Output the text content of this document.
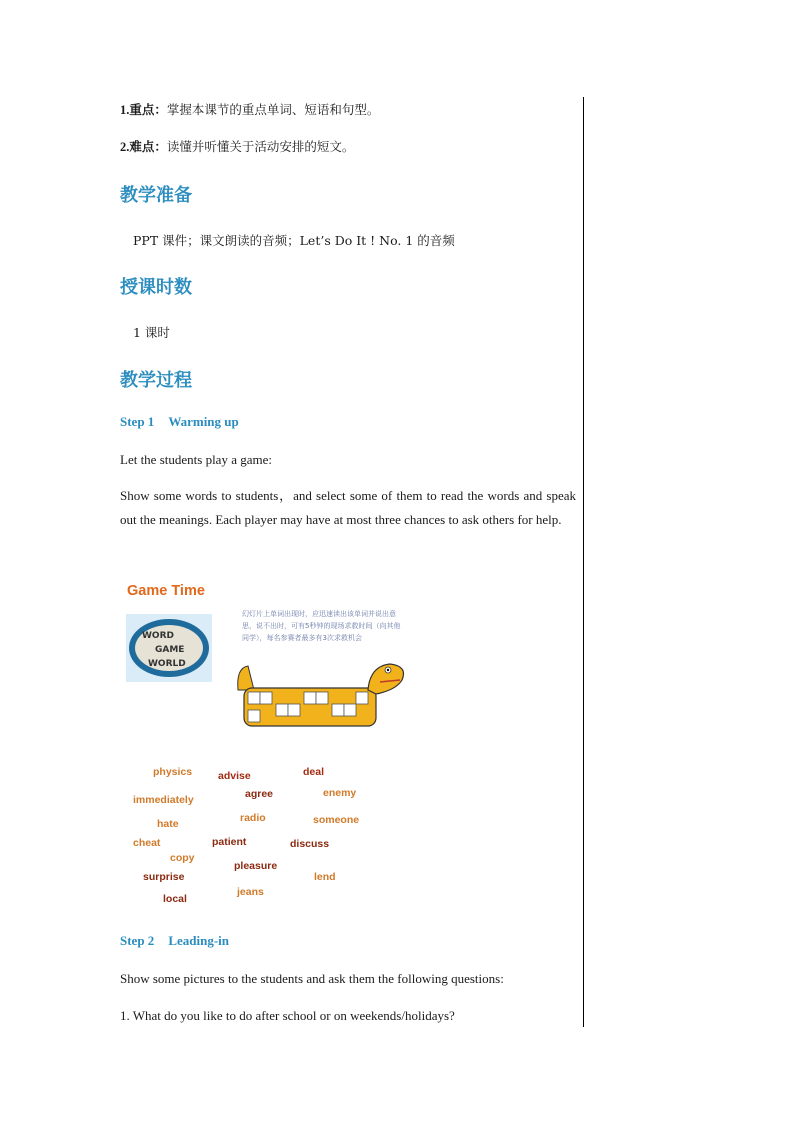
1.重点：掌握本课节的重点单词、短语和句型。
2.难点：读懂并听懂关于活动安排的短文。
教学准备
PPT 课件；课文朗读的音频；Let’s Do It ! No. 1 的音频
授课时数
1 课时
教学过程
Step 1 Warming up
Let the students play a game:
Show some words to students，and select some of them to read the words and speak out the meanings. Each player may have at most three chances to ask others for help.
Game Time
幻灯片上单词出现时，应迅速读出该单词并说出意思，说不出时，可有5秒钟的现场求救时间（向其他同学），每名参赛者最多有3次求救机会
WORD
GAME
WORLD
physics advise	deal
immediately	agree	enemy
hate	radio	someone
cheat	patient	discuss
copy
pleasure
surprise	lend
jeans
local
Step 2 Leading-in
Show some pictures to the students and ask them the following questions:
1. What do you like to do after school or on weekends/holidays?
